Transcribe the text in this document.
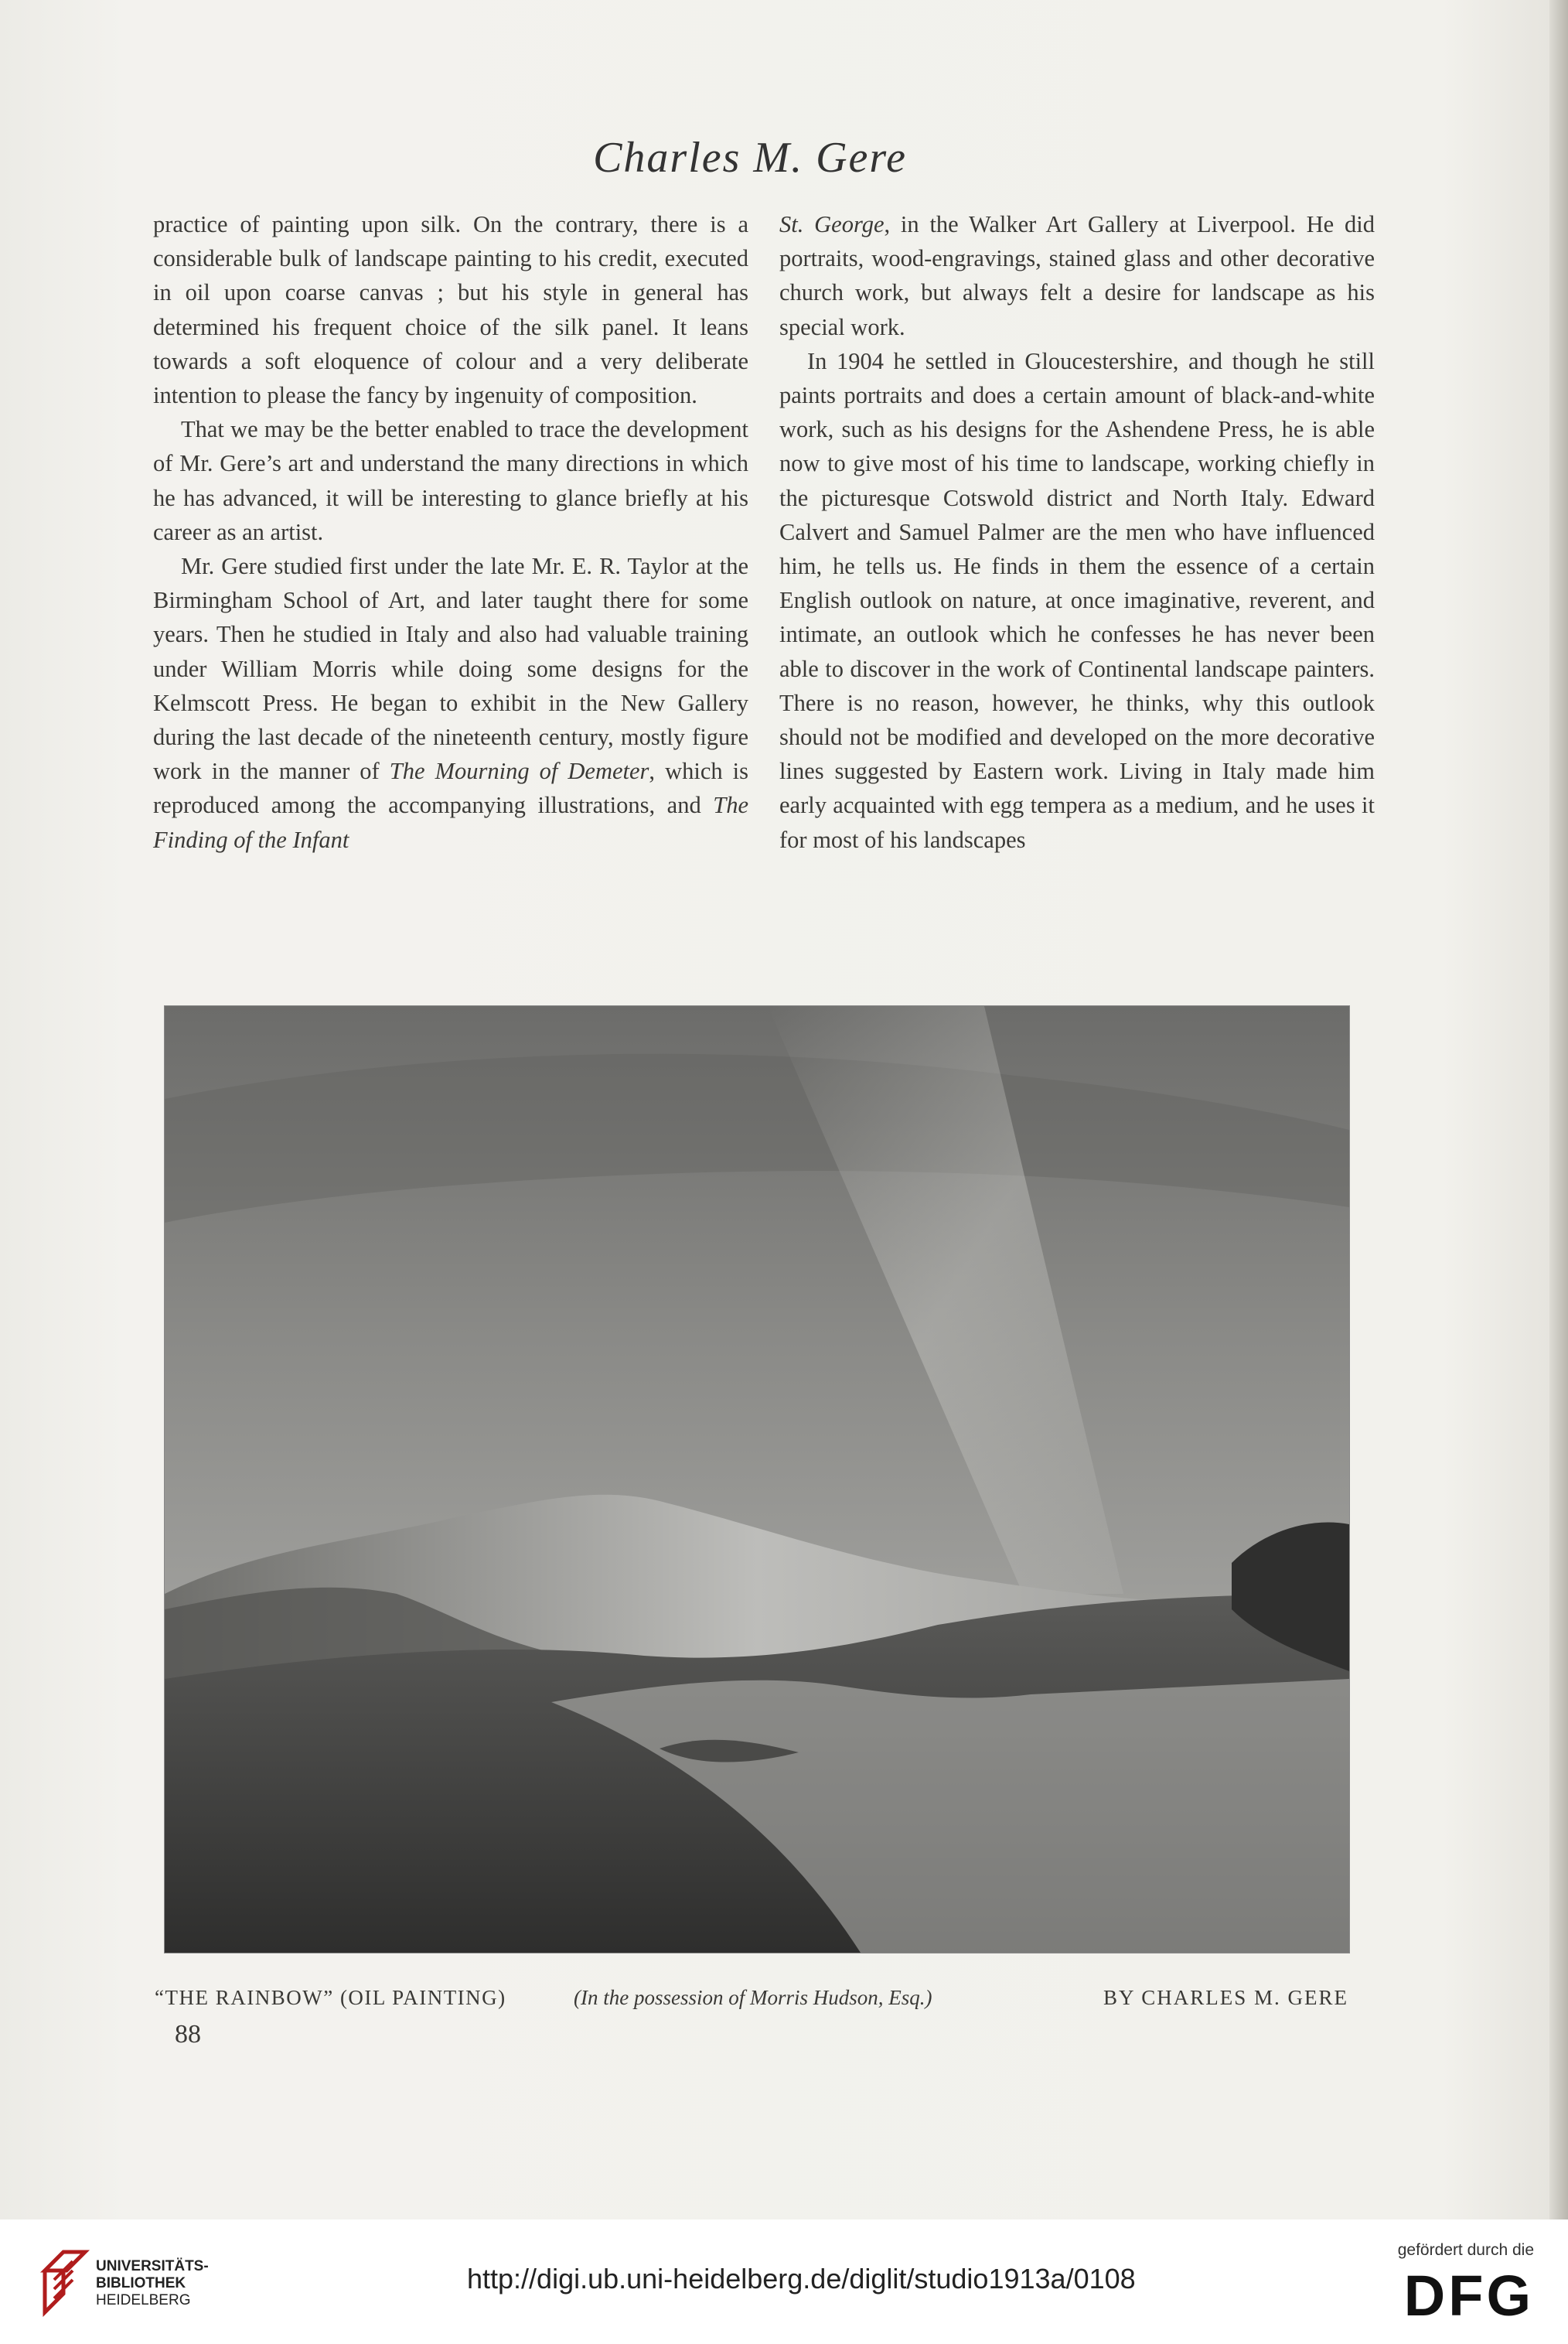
Charles M. Gere

practice of painting upon silk. On the contrary, there is a considerable bulk of landscape painting to his credit, executed in oil upon coarse canvas ; but his style in general has determined his frequent choice of the silk panel. It leans towards a soft eloquence of colour and a very deliberate intention to please the fancy by ingenuity of composition.

That we may be the better enabled to trace the development of Mr. Gere’s art and understand the many directions in which he has advanced, it will be interesting to glance briefly at his career as an artist.

Mr. Gere studied first under the late Mr. E. R. Taylor at the Birmingham School of Art, and later taught there for some years. Then he studied in Italy and also had valuable training under William Morris while doing some designs for the Kelmscott Press. He began to exhibit in the New Gallery during the last decade of the nineteenth century, mostly figure work in the manner of The Mourning of Demeter, which is reproduced among the accompanying illustrations, and The Finding of the Infant

St. George, in the Walker Art Gallery at Liverpool. He did portraits, wood-engravings, stained glass and other decorative church work, but always felt a desire for landscape as his special work.

In 1904 he settled in Gloucestershire, and though he still paints portraits and does a certain amount of black-and-white work, such as his designs for the Ashendene Press, he is able now to give most of his time to landscape, working chiefly in the picturesque Cotswold district and North Italy. Edward Calvert and Samuel Palmer are the men who have influenced him, he tells us. He finds in them the essence of a certain English outlook on nature, at once imaginative, reverent, and intimate, an outlook which he confesses he has never been able to discover in the work of Continental landscape painters. There is no reason, however, he thinks, why this outlook should not be modified and developed on the more decorative lines suggested by Eastern work. Living in Italy made him early acquainted with egg tempera as a medium, and he uses it for most of his landscapes

“THE RAINBOW” (OIL PAINTING)	(In the possession of Morris Hudson, Esq.)	BY CHARLES M. GERE
88
UNIVERSITÄTS-
BIBLIOTHEK
HEIDELBERG
http://digi.ub.uni-heidelberg.de/diglit/studio1913a/0108
gefördert durch die
DFG
